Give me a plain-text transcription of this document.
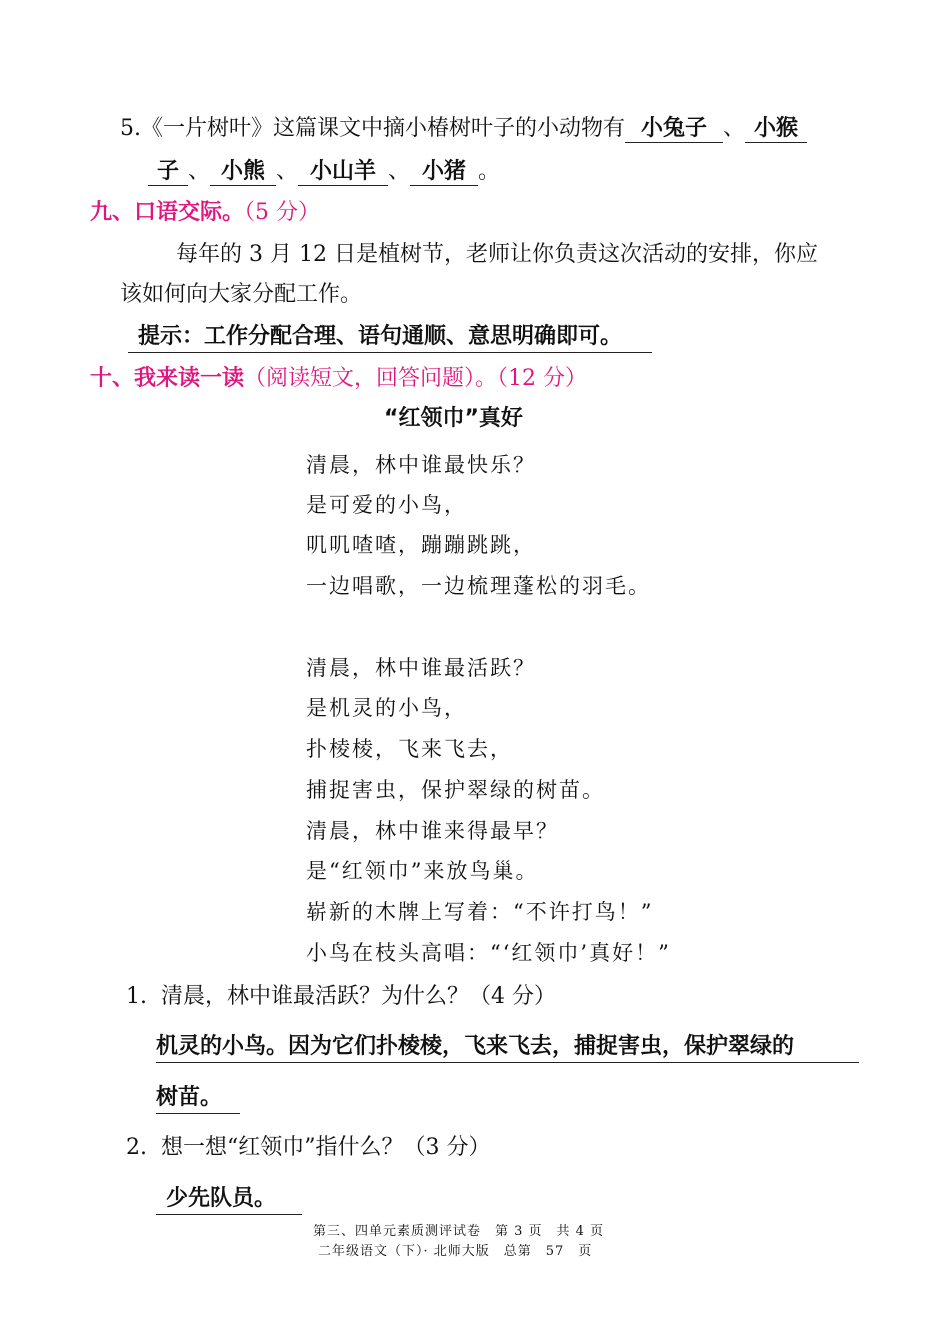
5.《一片树叶》这篇课文中摘小椿树叶子的小动物有 小兔子 、 小猴
子 、 小熊 、 小山羊 、 小猪 。
九、口语交际。（5 分）
每年的 3 月 12 日是植树节，老师让你负责这次活动的安排，你应
该如何向大家分配工作。
提示：工作分配合理、语句通顺、意思明确即可。
十、我来读一读（阅读短文，回答问题）。（12 分）
“红领巾”真好
清晨，林中谁最快乐？
是可爱的小鸟，
叽叽喳喳，蹦蹦跳跳，
一边唱歌，一边梳理蓬松的羽毛。
清晨，林中谁最活跃？
是机灵的小鸟，
扑棱棱，飞来飞去，
捕捉害虫，保护翠绿的树苗。
清晨，林中谁来得最早？
是“红领巾”来放鸟巢。
崭新的木牌上写着：“不许打鸟！”
小鸟在枝头高唱：“‘红领巾’真好！”
1. 清晨，林中谁最活跃？为什么？（4 分）
机灵的小鸟。因为它们扑棱棱，飞来飞去，捕捉害虫，保护翠绿的
树苗。
2. 想一想“红领巾”指什么？（3 分）
少先队员。
第三、四单元素质测评试卷　第 3 页　共 4 页
二年级语文（下）· 北师大版　总第　57　页
